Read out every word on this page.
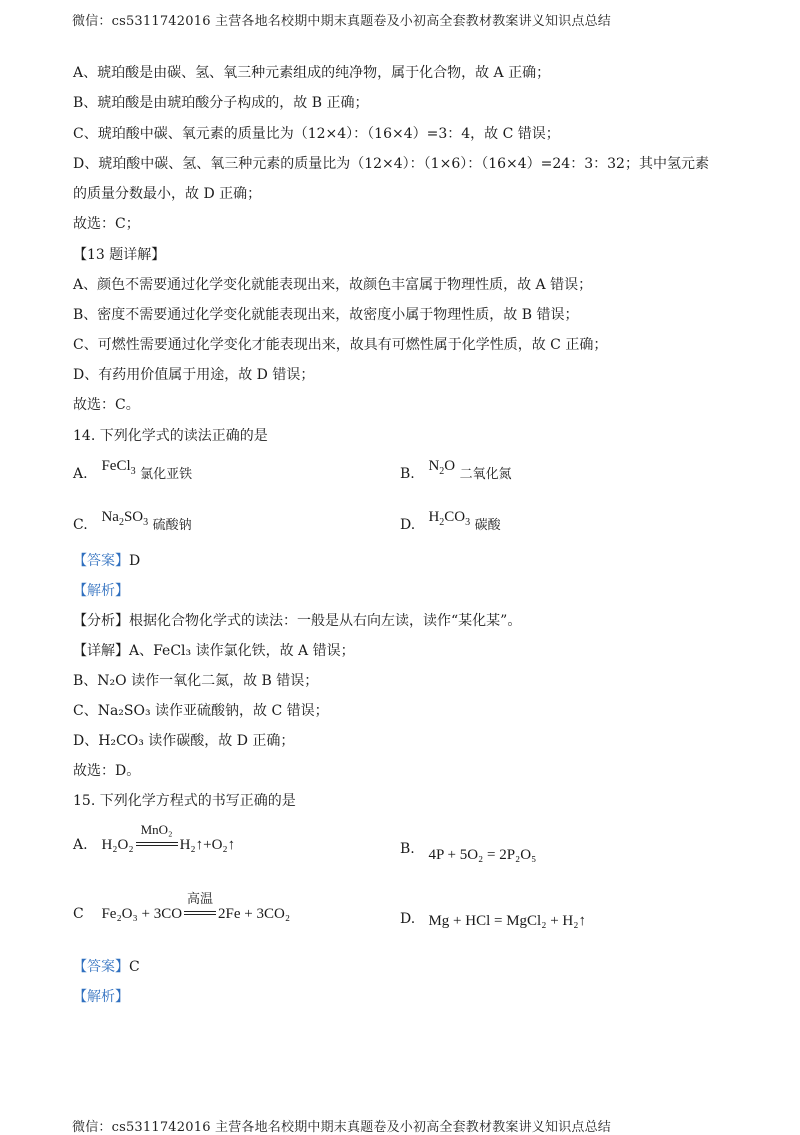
微信：cs5311742016 主营各地名校期中期末真题卷及小初高全套教材教案讲义知识点总结
A、琥珀酸是由碳、氢、氧三种元素组成的纯净物，属于化合物，故 A 正确；
B、琥珀酸是由琥珀酸分子构成的，故 B 正确；
C、琥珀酸中碳、氧元素的质量比为（12×4）：（16×4）=3：4，故 C 错误；
D、琥珀酸中碳、氢、氧三种元素的质量比为（12×4）：（1×6）：（16×4）=24：3：32；其中氢元素
的质量分数最小，故 D 正确；
故选：C；
【13 题详解】
A、颜色不需要通过化学变化就能表现出来，故颜色丰富属于物理性质，故 A 错误；
B、密度不需要通过化学变化就能表现出来，故密度小属于物理性质，故 B 错误；
C、可燃性需要通过化学变化才能表现出来，故具有可燃性属于化学性质，故 C 正确；
D、有药用价值属于用途，故 D 错误；
故选：C。
14. 下列化学式的读法正确的是
A. FeCl$_3$ 氯化亚铁	B. $N_2O$ 二氧化氮
C. $Na_2SO_3$ 硫酸钠	D. $H_2CO_3$ 碳酸
【答案】D
【解析】
【分析】根据化合物化学式的读法：一般是从右向左读，读作“某化某”。
【详解】A、FeCl₃ 读作氯化铁，故 A 错误；
B、N₂O 读作一氧化二氮，故 B 错误；
C、Na₂SO₃ 读作亚硫酸钠，故 C 错误；
D、H₂CO₃ 读作碳酸，故 D 正确；
故选：D。
15. 下列化学方程式的书写正确的是
A. H₂O₂
MnO₂
H₂↑+O₂↑	B. 4P + 5O₂ = 2P₂O₅
C Fe₂O₃ + 3CO
高温
2Fe + 3CO₂	D. Mg + HCl = MgCl₂ + H₂↑
【答案】C
【解析】
微信：cs5311742016 主营各地名校期中期末真题卷及小初高全套教材教案讲义知识点总结
